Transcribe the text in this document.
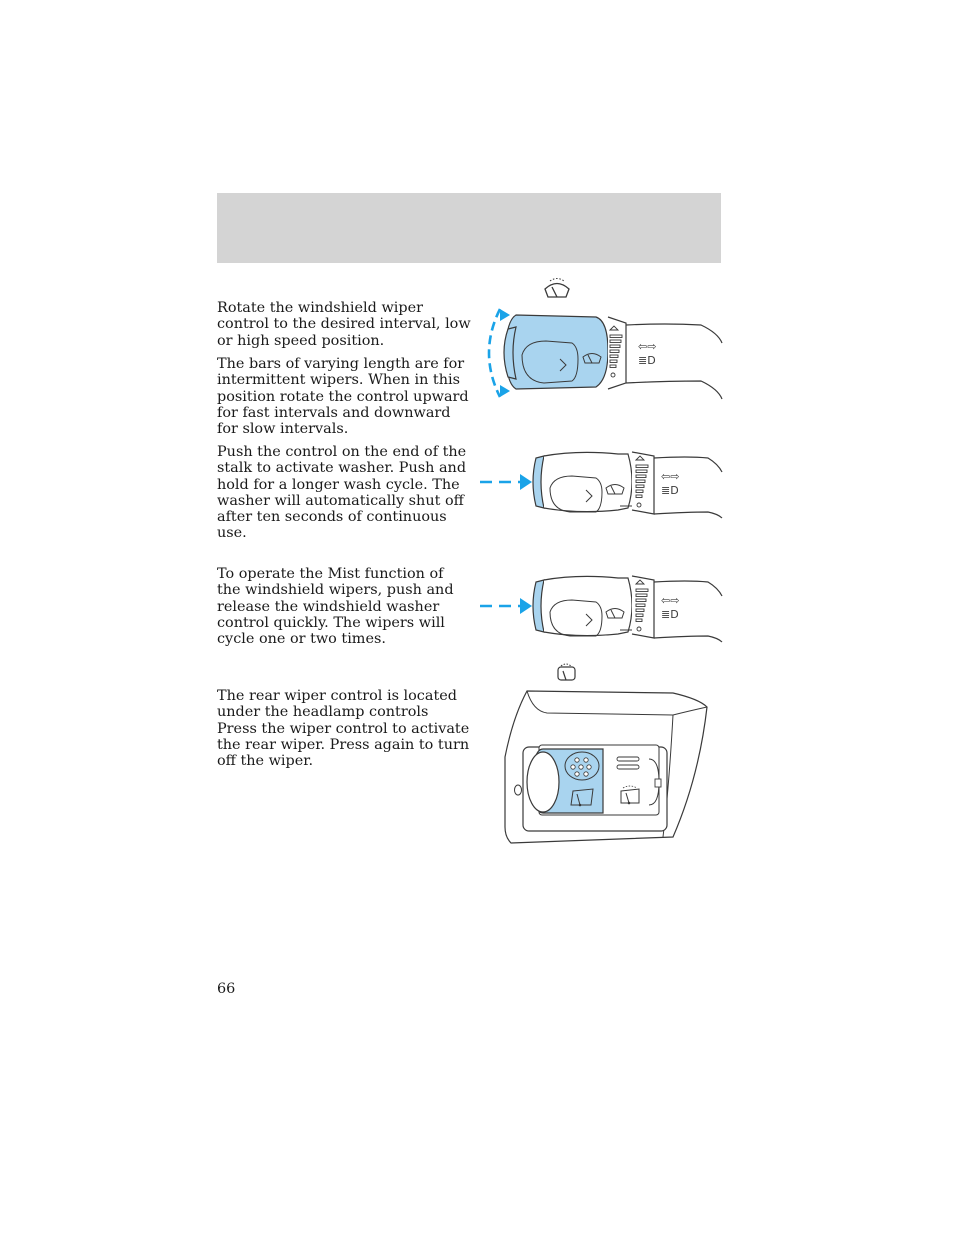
Rotate the windshield wiper control to the desired interval, low or high speed position.

The bars of varying length are for intermittent wipers. When in this position rotate the control upward for fast intervals and downward for slow intervals.

Push the control on the end of the stalk to activate washer. Push and hold for a longer wash cycle. The washer will automatically shut off after ten seconds of continuous use.

To operate the Mist function of the windshield wipers, push and release the windshield washer control quickly. The wipers will cycle one or two times.

The rear wiper control is located under the headlamp controls Press the wiper control to activate the rear wiper. Press again to turn off the wiper.

⇦⇨
≣D
⇦⇨
≣D
⇦⇨
≣D
66
